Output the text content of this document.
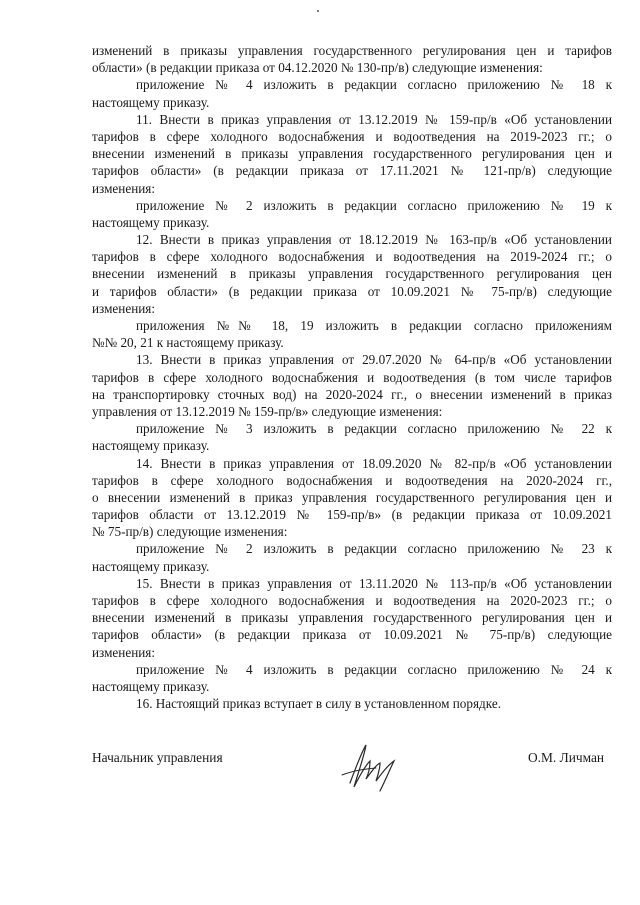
изменений в приказы управления государственного регулирования цен и тарифов
области» (в редакции приказа от 04.12.2020 № 130-пр/в) следующие изменения:
приложение № 4 изложить в редакции согласно приложению № 18 к
настоящему приказу.
11. Внести в приказ управления от 13.12.2019 № 159-пр/в «Об установлении
тарифов в сфере холодного водоснабжения и водоотведения на 2019-2023 гг.; о
внесении изменений в приказы управления государственного регулирования цен и
тарифов области» (в редакции приказа от 17.11.2021 № 121-пр/в) следующие
изменения:
приложение № 2 изложить в редакции согласно приложению № 19 к
настоящему приказу.
12. Внести в приказ управления от 18.12.2019 № 163-пр/в «Об установлении
тарифов в сфере холодного водоснабжения и водоотведения на 2019-2024 гг.; о
внесении изменений в приказы управления государственного регулирования цен
и тарифов области» (в редакции приказа от 10.09.2021 № 75-пр/в) следующие
изменения:
приложения №№ 18, 19 изложить в редакции согласно приложениям
№№ 20, 21 к настоящему приказу.
13. Внести в приказ управления от 29.07.2020 № 64-пр/в «Об установлении
тарифов в сфере холодного водоснабжения и водоотведения (в том числе тарифов
на транспортировку сточных вод) на 2020-2024 гг., о внесении изменений в приказ
управления от 13.12.2019 № 159-пр/в» следующие изменения:
приложение № 3 изложить в редакции согласно приложению № 22 к
настоящему приказу.
14. Внести в приказ управления от 18.09.2020 № 82-пр/в «Об установлении
тарифов в сфере холодного водоснабжения и водоотведения на 2020-2024 гг.,
о внесении изменений в приказ управления государственного регулирования цен и
тарифов области от 13.12.2019 № 159-пр/в» (в редакции приказа от 10.09.2021
№ 75-пр/в) следующие изменения:
приложение № 2 изложить в редакции согласно приложению № 23 к
настоящему приказу.
15. Внести в приказ управления от 13.11.2020 № 113-пр/в «Об установлении
тарифов в сфере холодного водоснабжения и водоотведения на 2020-2023 гг.; о
внесении изменений в приказы управления государственного регулирования цен и
тарифов области» (в редакции приказа от 10.09.2021 № 75-пр/в) следующие
изменения:
приложение № 4 изложить в редакции согласно приложению № 24 к
настоящему приказу.
16. Настоящий приказ вступает в силу в установленном порядке.
Начальник управления	О.М. Личман
